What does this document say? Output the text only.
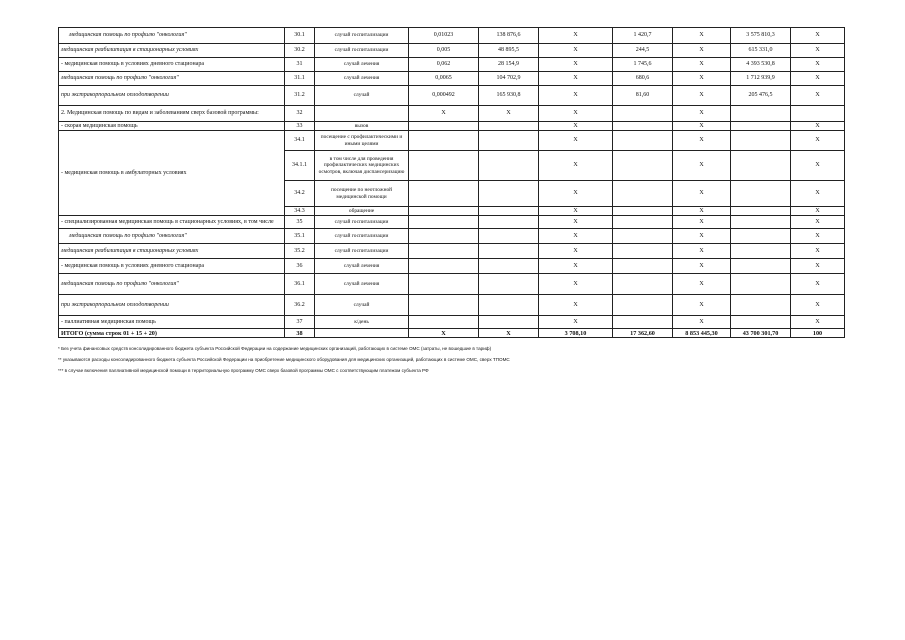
медицинская помощь по профилю "онкология"	30.1	случай госпитализации	0,01023	138 876,6	X	1 420,7	X	3 575 810,3	X
медицинская реабилитация в стационарных условиях	30.2	случай госпитализации	0,005	48 895,5	X	244,5	X	615 331,0	X
- медицинская помощь в условиях дневного стационара	31	случай лечения	0,062	28 154,9	X	1 745,6	X	4 393 530,8	X
медицинская помощь по профилю "онкология"	31.1	случай лечения	0,0065	104 702,9	X	680,6	X	1 712 939,9	X
при экстракорпоральном оплодотворении	31.2	случай	0,000492	165 930,8	X	81,60	X	205 476,5	X
2. Медицинская помощь по видам и заболеваниям сверх базовой программы:	32		X	X	X		X		
- скорая медицинская помощь	33	вызов			X		X		X
- медицинская помощь в амбулаторных условиях	34.1	посещение с профилактическими и иными целями			X		X		X
	34.1.1	в том числе для проведения профилактических медицинских осмотров, включая диспансеризацию			X		X		X
	34.2	посещение по неотложной медицинской помощи			X		X		X
	34.3	обращение			X		X		X
- специализированная медицинская помощь в стационарных условиях, в том числе	35	случай госпитализации			X		X		X
медицинская помощь по профилю "онкология"	35.1	случай госпитализации			X		X		X
медицинская реабилитация в стационарных условиях	35.2	случай госпитализации			X		X		X
- медицинская помощь в условиях дневного стационара	36	случай лечения			X		X		X
медицинская помощь по профилю "онкология"	36.1	случай лечения			X		X		X
при экстракорпоральном оплодотворении	36.2	случай			X		X		X
- паллиативная медицинская помощь	37	к/день			X		X		X
ИТОГО (сумма строк 01 + 15 + 20)	38		X	X	3 708,10	17 362,60	8 853 445,30	43 700 301,70	100
* Без учета финансовых средств консолидированного бюджета субъекта Российской Федерации на содержание медицинских организаций, работающих в системе ОМС (затраты, не вошедшие в тариф)
** указываются расходы консолидированного бюджета субъекта Российской Федерации на приобретение медицинского оборудования для медицинских организаций, работающих в системе ОМС, сверх ТПОМС
*** в случае включения паллиативной медицинской помощи в территориальную программу ОМС сверх базовой программы ОМС с соответствующим платежом субъекта РФ
